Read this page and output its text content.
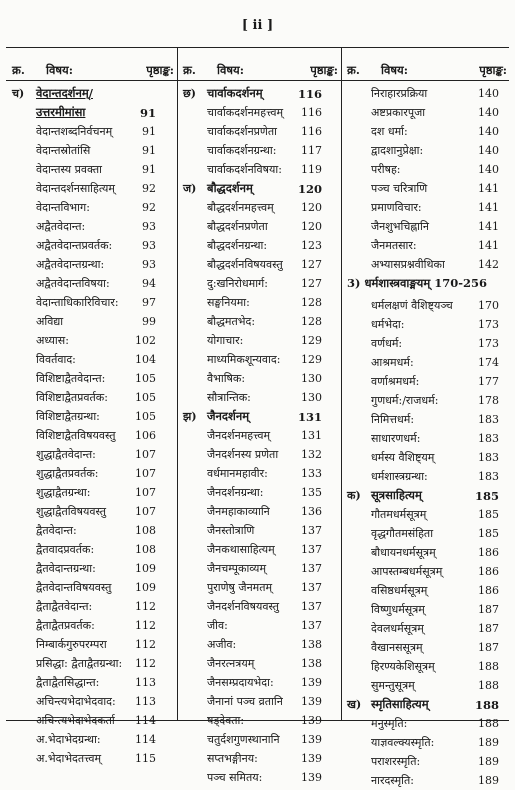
[ ii ]
क्र. विषय:	पृष्ठाङ्क: क्र. विषय:	पृष्ठाङ्क: क्र. विषय:	पृष्ठाङ्क:
च) वेदान्तदर्शनम्/
उत्तरमीमांसा	91
वेदान्तशब्दनिर्वचनम्	91
वेदान्तस्रोतांसि	91
वेदान्तस्य प्रवक्ता	91
वेदान्तदर्शनसाहित्यम् 92
वेदान्तविभाग:	92
अद्वैतवेदान्त:	93
अद्वैतवेदान्तप्रवर्तक:	93
अद्वैतवेदान्तग्रन्था:	93
अद्वैतवेदान्तविषया:	94
वेदान्ताधिकारिविचार: 97
अविद्या	99
अध्यास:	102
विवर्तवाद:	104
विशिष्टाद्वैतवेदान्त:	105
विशिष्टाद्वैतप्रवर्तक: 105
विशिष्टाद्वैतग्रन्था:	105
विशिष्टाद्वैतविषयवस्तु 106
शुद्धाद्वैतवेदान्त:	107
शुद्धाद्वैतप्रवर्तक:	107
शुद्धाद्वैतग्रन्था:	107
शुद्धाद्वैतविषयवस्तु	107
द्वैतवेदान्त:	108
द्वैतवादप्रवर्तक:	108
द्वैतवेदान्तग्रन्था:	109
द्वैतवेदान्तविषयवस्तु 109
द्वैताद्वैतवेदान्त:	112
द्वैताद्वैतप्रवर्तक:	112
निम्बार्कगुरुपरम्परा	112
प्रसिद्धा: द्वैताद्वैतग्रन्था: 112
द्वैताद्वैतसिद्धान्त:	113
अचिन्त्यभेदाभेदवाद: 113
अचिन्त्यभेदाभेदकर्ता 114
अ.भेदाभेदग्रन्था:	114
अ.भेदाभेदतत्त्वम्	115
छ) चार्वाकदर्शनम्	116
चार्वाकदर्शनमहत्त्वम् 116
चार्वाकदर्शनप्रणेता 116
चार्वाकदर्शनग्रन्था: 117
चार्वाकदर्शनविषया: 119
ज) बौद्धदर्शनम्	120
बौद्धदर्शनमहत्त्वम् 120
बौद्धदर्शनप्रणेता	120
बौद्धदर्शनग्रन्था:	123
बौद्धदर्शनविषयवस्तु 127
दु:खनिरोधमार्ग:	127
सङ्घनियमा:	128
बौद्धमतभेद:	128
योगाचार:	129
माध्यमिकशून्यवाद: 129
वैभाषिक:	130
सौत्रान्तिक:	130
झ) जैनदर्शनम्	131
जैनदर्शनमहत्त्वम्	131
जैनदर्शनस्य प्रणेता 132
वर्धमानमहावीर:	133
जैनदर्शनग्रन्था:	135
जैनमहाकाव्यानि	136
जैनस्तोत्राणि	137
जैनकथासाहित्यम् 137
जैनचम्पूकाव्यम्	137
पुराणेषु जैनमतम्	137
जैनदर्शनविषयवस्तु 137
जीव:	137
अजीव:	138
जैनरत्नत्रयम्	138
जैनसम्प्रदायभेदा: 139
जैनानां पञ्च व्रतानि 139
षड्देवता:	139
चतुर्दशगुणस्थानानि 139
सप्तभङ्गीनय:	139
पञ्च समितय:	139
निराहारप्रक्रिया	140
अष्टप्रकारपूजा	140
दश धर्मा:	140
द्वादशानुप्रेक्षा:	140
परीषह:	140
पञ्च चरित्राणि	141
प्रमाणविचार:	141
जैनशुभचिह्नानि	141
जैनमतसार:	141
अभ्यासप्रश्नवीथिका	142
3) धर्मशास्त्रवाङ्मयम् 170-256
धर्मलक्षणं वैशिष्ट्यञ्च 170
धर्मभेदा:	173
वर्णधर्म:	173
आश्रमधर्म:	174
वर्णाश्रमधर्म:	177
गुणधर्म:/राजधर्म:	178
निमित्तधर्म:	183
साधारणधर्म:	183
धर्मस्य वैशिष्ट्यम्	183
धर्मशास्त्रग्रन्था:	183
क) सूत्रसाहित्यम्	185
गौतमधर्मसूत्रम्	185
वृद्धगौतमसंहिता	185
बौधायनधर्मसूत्रम्	186
आपस्तम्बधर्मसूत्रम्	186
वसिष्ठधर्मसूत्रम्	186
विष्णुधर्मसूत्रम्	187
देवलधर्मसूत्रम्	187
वैखानससूत्रम्	187
हिरण्यकेशिसूत्रम्	188
सुमन्तुसूत्रम्	188
ख) स्मृतिसाहित्यम्	188
मनुस्मृति:	188
याज्ञवल्क्यस्मृति:	189
पराशरस्मृति:	189
नारदस्मृति:	189
